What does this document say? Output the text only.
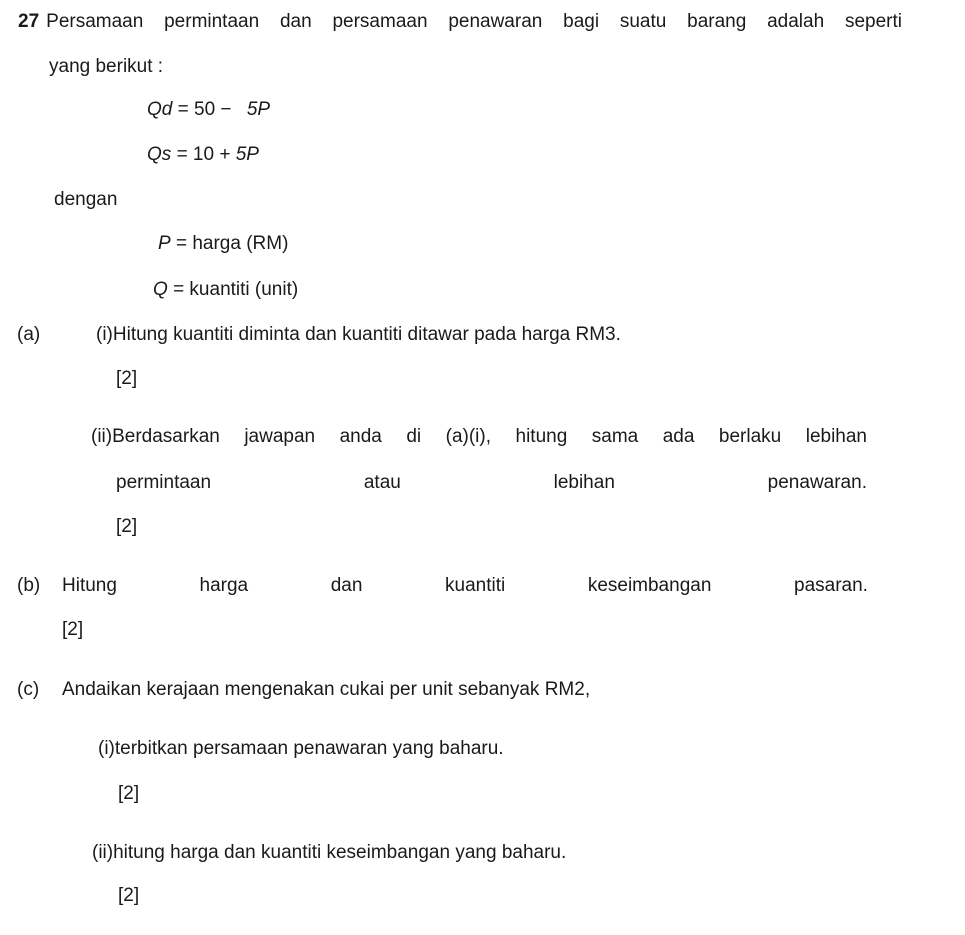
27 Persamaan permintaan dan persamaan penawaran bagi suatu barang adalah seperti
yang berikut :
Qd = 50 − 5P
Qs = 10 + 5P
dengan
P = harga (RM)
Q = kuantiti (unit)
(a)	(i)Hitung kuantiti diminta dan kuantiti ditawar pada harga RM3.
[2]
(ii)Berdasarkan jawapan anda di (a)(i), hitung sama ada berlaku lebihan
permintaan	atau	lebihan	penawaran.
[2]
(b) Hitung	harga	dan	kuantiti	keseimbangan	pasaran.
[2]
(c) Andaikan kerajaan mengenakan cukai per unit sebanyak RM2,
(i)terbitkan persamaan penawaran yang baharu.
[2]
(ii)hitung harga dan kuantiti keseimbangan yang baharu.
[2]
